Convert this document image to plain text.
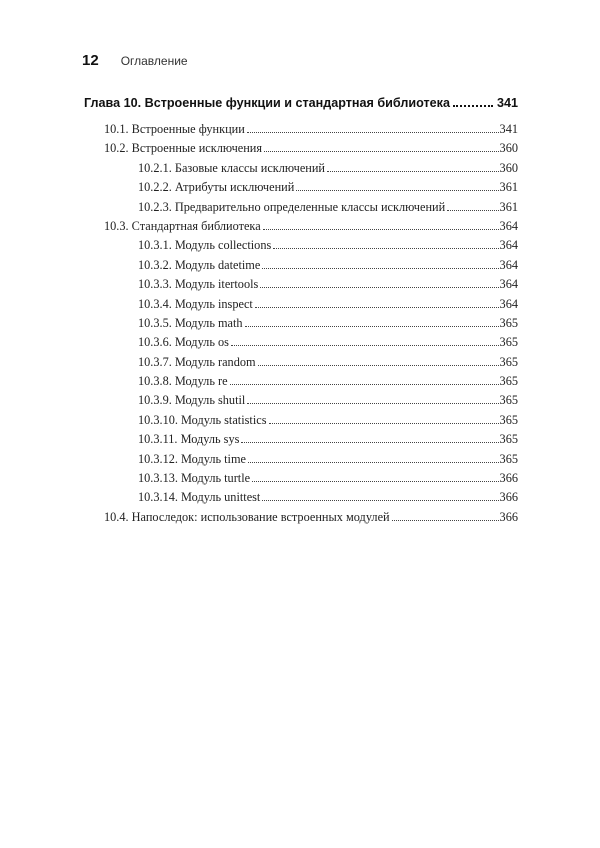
12 Оглавление
Глава 10. Встроенные функции и стандартная библиотека	341
10.1. Встроенные функции	341
10.2. Встроенные исключения	360
10.2.1. Базовые классы исключений	360
10.2.2. Атрибуты исключений	361
10.2.3. Предварительно определенные классы исключений	361
10.3. Стандартная библиотека	364
10.3.1. Модуль collections	364
10.3.2. Модуль datetime	364
10.3.3. Модуль itertools	364
10.3.4. Модуль inspect	364
10.3.5. Модуль math	365
10.3.6. Модуль os	365
10.3.7. Модуль random	365
10.3.8. Модуль re	365
10.3.9. Модуль shutil	365
10.3.10. Модуль statistics	365
10.3.11. Модуль sys	365
10.3.12. Модуль time	365
10.3.13. Модуль turtle	366
10.3.14. Модуль unittest	366
10.4. Напоследок: использование встроенных модулей	366
